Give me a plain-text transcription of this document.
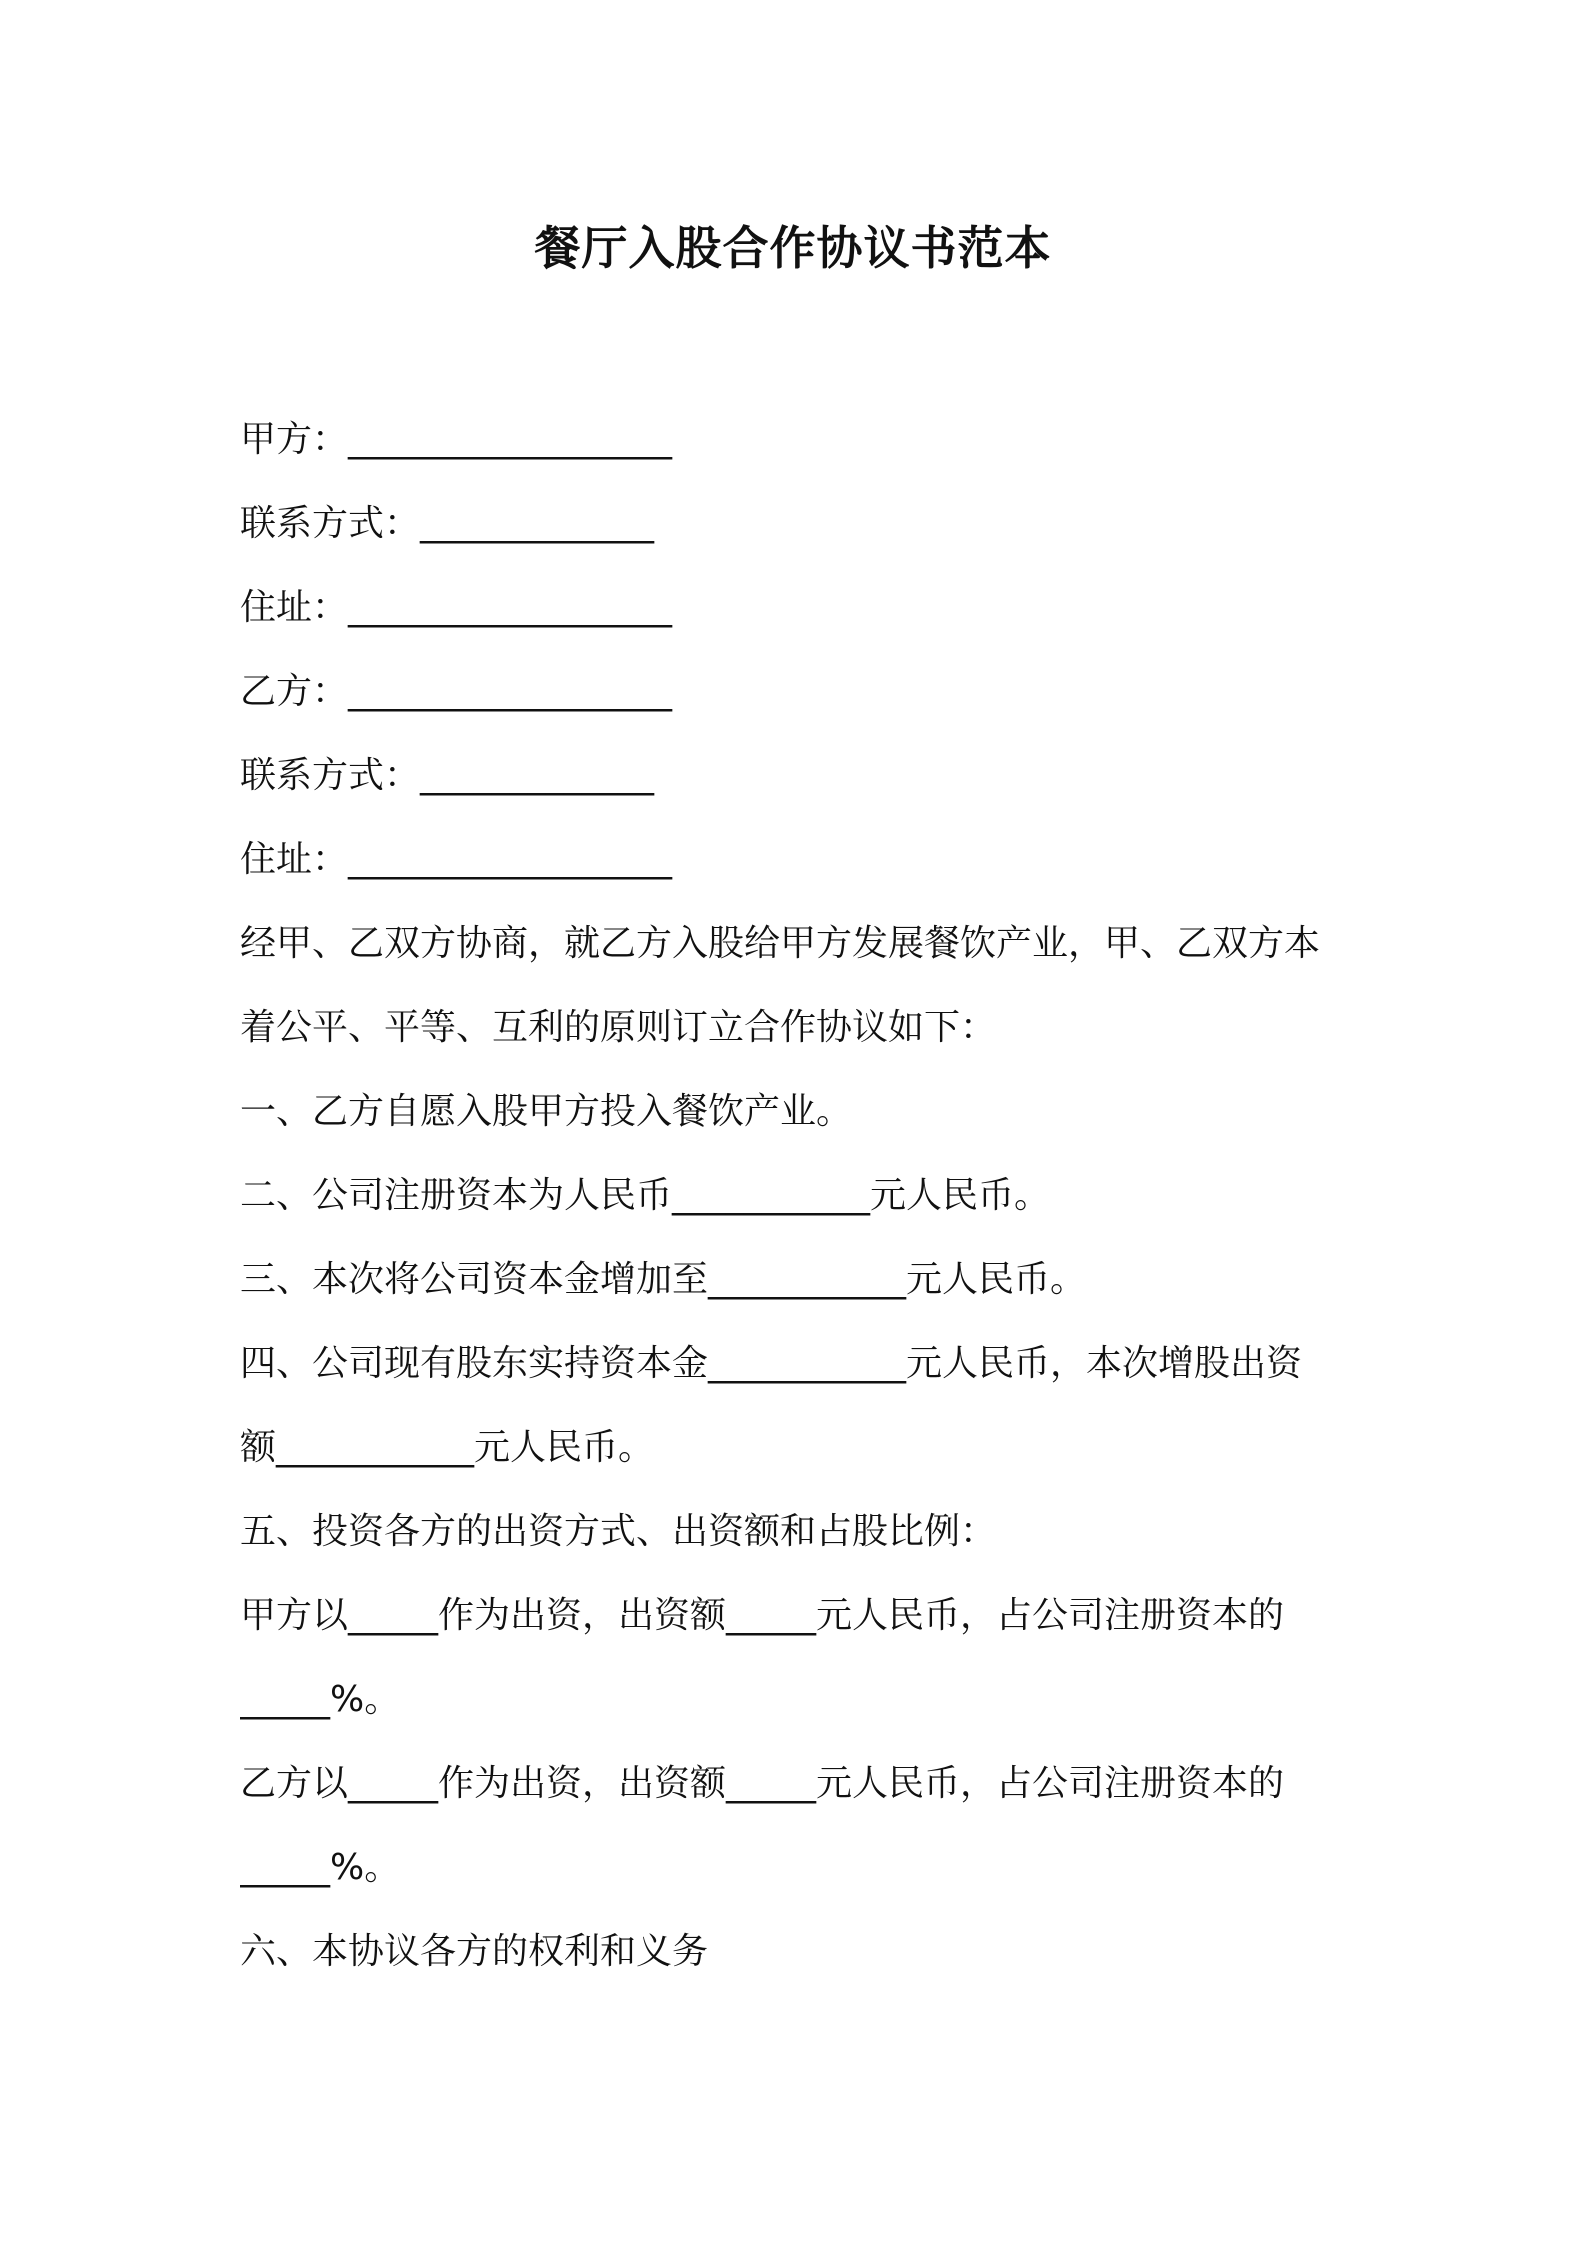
餐厅入股合作协议书范本
甲方：__________________
联系方式：_____________
住址：__________________
乙方：__________________
联系方式：_____________
住址：__________________
经甲、乙双方协商，就乙方入股给甲方发展餐饮产业，甲、乙双方本
着公平、平等、互利的原则订立合作协议如下：
一、乙方自愿入股甲方投入餐饮产业。
二、公司注册资本为人民币___________元人民币。
三、本次将公司资本金增加至___________元人民币。
四、公司现有股东实持资本金___________元人民币，本次增股出资
额___________元人民币。
五、投资各方的出资方式、出资额和占股比例：
甲方以_____作为出资，出资额_____元人民币，占公司注册资本的
_____%。
乙方以_____作为出资，出资额_____元人民币，占公司注册资本的
_____%。
六、本协议各方的权利和义务
